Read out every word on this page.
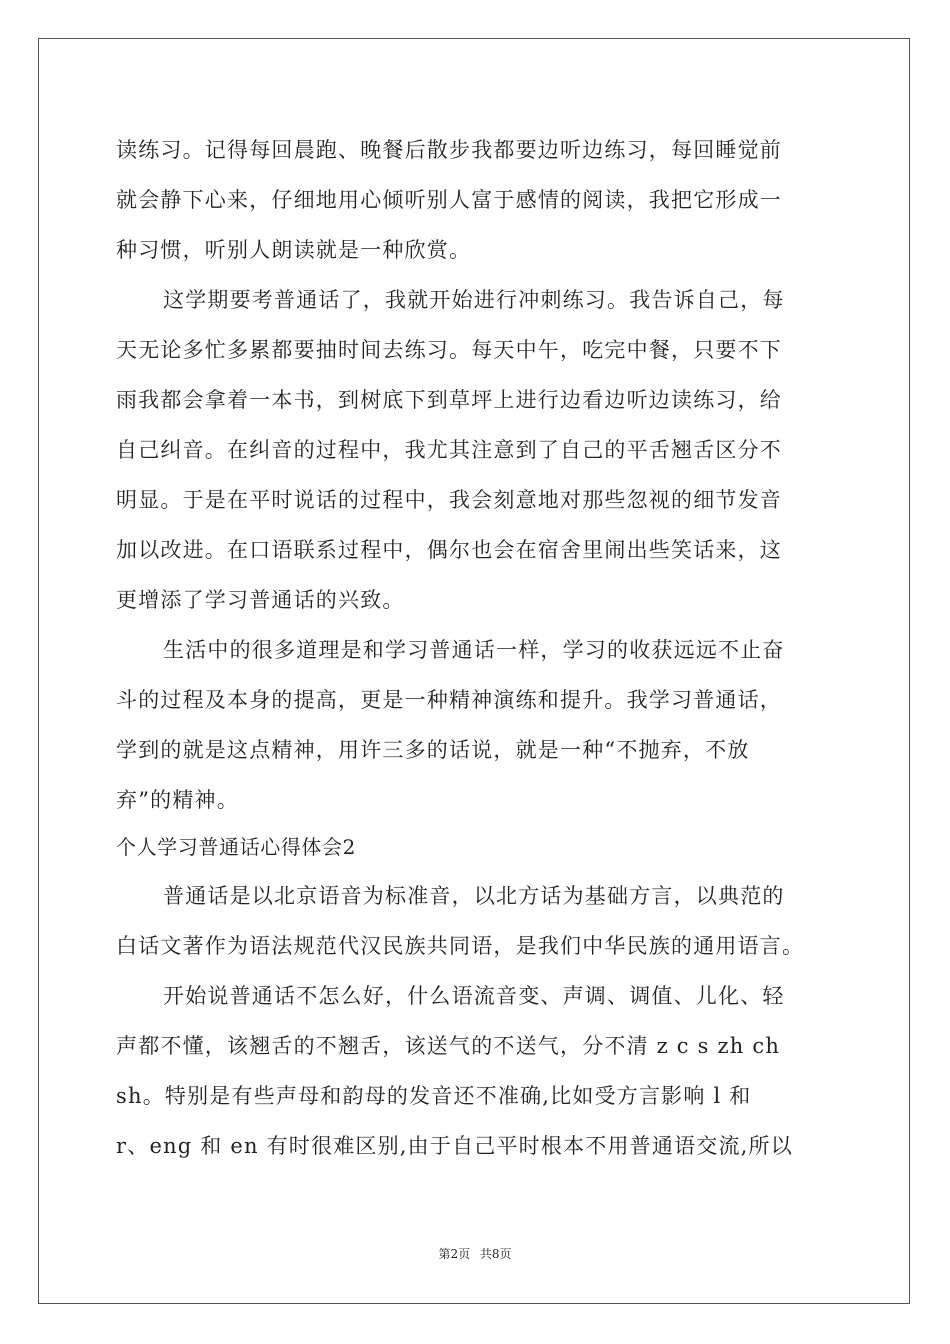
读练习。记得每回晨跑、晚餐后散步我都要边听边练习，每回睡觉前
就会静下心来，仔细地用心倾听别人富于感情的阅读，我把它形成一
种习惯，听别人朗读就是一种欣赏。
这学期要考普通话了，我就开始进行冲刺练习。我告诉自己，每
天无论多忙多累都要抽时间去练习。每天中午，吃完中餐，只要不下
雨我都会拿着一本书，到树底下到草坪上进行边看边听边读练习，给
自己纠音。在纠音的过程中，我尤其注意到了自己的平舌翘舌区分不
明显。于是在平时说话的过程中，我会刻意地对那些忽视的细节发音
加以改进。在口语联系过程中，偶尔也会在宿舍里闹出些笑话来，这
更增添了学习普通话的兴致。
生活中的很多道理是和学习普通话一样，学习的收获远远不止奋
斗的过程及本身的提高，更是一种精神演练和提升。我学习普通话，
学到的就是这点精神，用许三多的话说，就是一种“不抛弃，不放
弃”的精神。
个人学习普通话心得体会2
普通话是以北京语音为标准音，以北方话为基础方言，以典范的
白话文著作为语法规范代汉民族共同语，是我们中华民族的通用语言。
开始说普通话不怎么好，什么语流音变、声调、调值、儿化、轻
声都不懂，该翘舌的不翘舌，该送气的不送气，分不清 z c s zh ch
sh。特别是有些声母和韵母的发音还不准确,比如受方言影响 l 和
r、eng 和 en 有时很难区别,由于自己平时根本不用普通语交流,所以
第2页 共8页
